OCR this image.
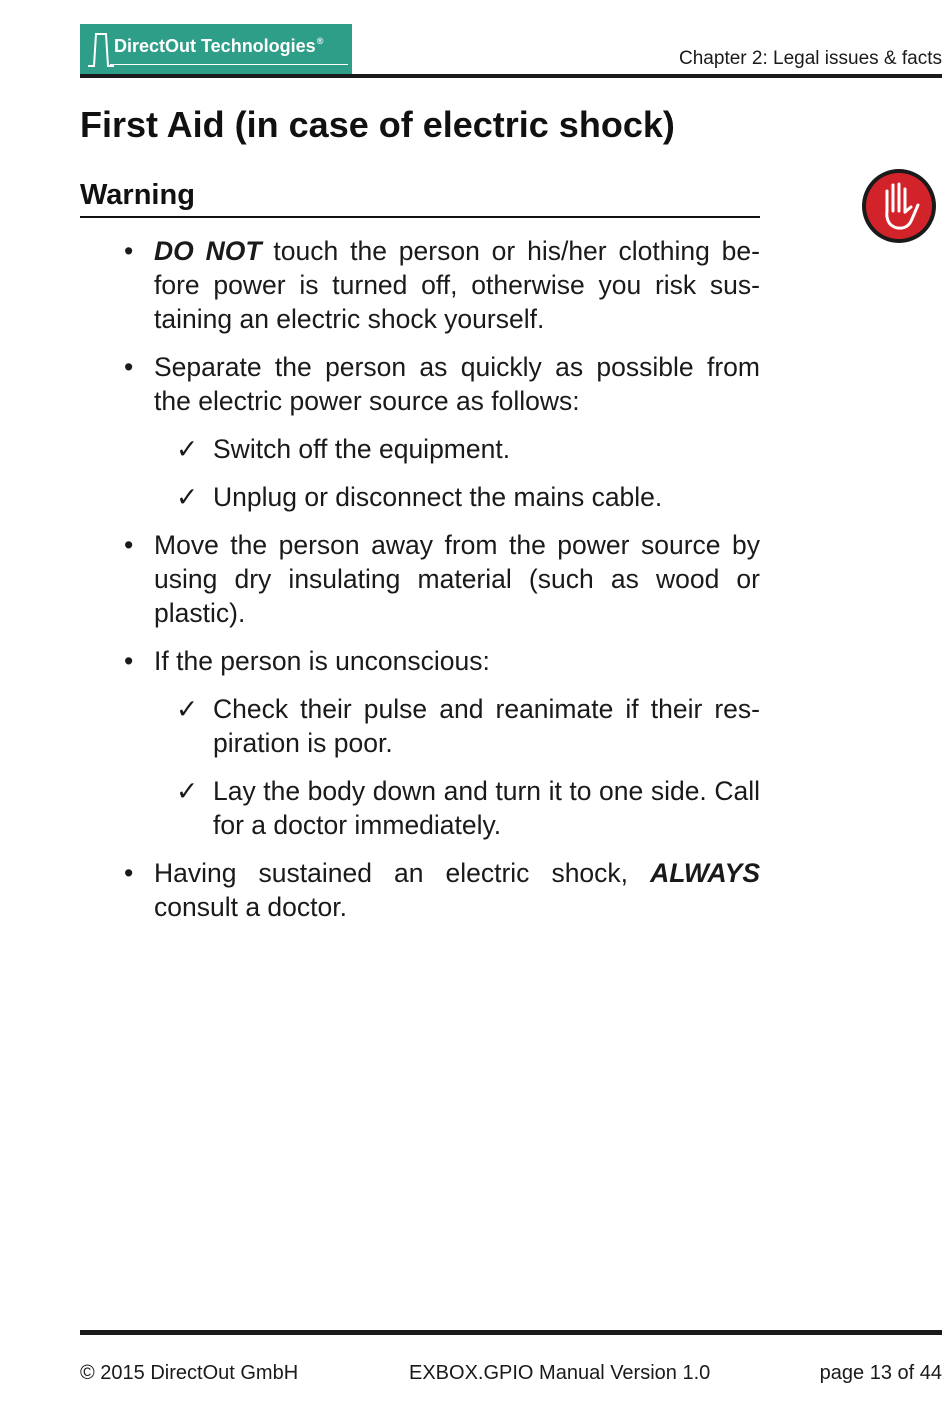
DirectOut Technologies®
Chapter 2: Legal issues & facts
First Aid (in case of electric shock)
Warning
• DO NOT touch the person or his/her clothing be-fore power is turned off, otherwise you risk sus-taining an electric shock yourself.
• Separate the person as quickly as possible from the electric power source as follows:
✓ Switch off the equipment.
✓ Unplug or disconnect the mains cable.
• Move the person away from the power source by using dry insulating material (such as wood or plastic).
• If the person is unconscious:
✓ Check their pulse and reanimate if their res-piration is poor.
✓ Lay the body down and turn it to one side. Call for a doctor immediately.
• Having sustained an electric shock, ALWAYS consult a doctor.
© 2015 DirectOut GmbH	EXBOX.GPIO Manual Version 1.0	page 13 of 44
